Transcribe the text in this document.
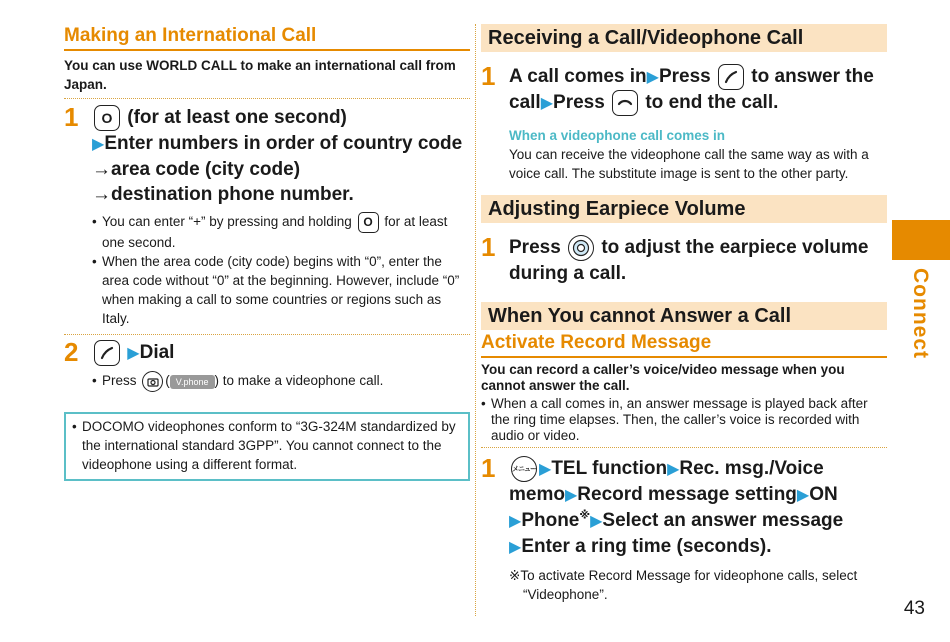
Making an International Call
You can use WORLD CALL to make an international call from Japan.
1	O (for at least one second)
▶Enter numbers in order of country code
→area code (city code)
→destination phone number.
• You can enter “+” by pressing and holding O for at least one second.
• When the area code (city code) begins with “0”, enter the area code without “0” at the beginning. However, include “0” when making a call to some countries or regions such as Italy.
2	▶Dial
• Press ( V.phone ) to make a videophone call.
• DOCOMO videophones conform to “3G-324M standardized by the international standard 3GPP”. You cannot connect to the videophone using a different format.
Receiving a Call/Videophone Call
1 A call comes in▶Press to answer the call▶Press to end the call.
When a videophone call comes in
You can receive the videophone call the same way as with a voice call. The substitute image is sent to the other party.
Adjusting Earpiece Volume
1 Press to adjust the earpiece volume during a call.
When You cannot Answer a Call
Activate Record Message
You can record a caller’s voice/video message when you cannot answer the call.
• When a call comes in, an answer message is played back after the ring time elapses. Then, the caller’s voice is recorded with audio or video.
1	メニュー ▶TEL function▶Rec. msg./Voice memo▶Record message setting▶ON
▶Phone※▶Select an answer message
▶Enter a ring time (seconds).
※To activate Record Message for videophone calls, select “Videophone”.
Connect
43
